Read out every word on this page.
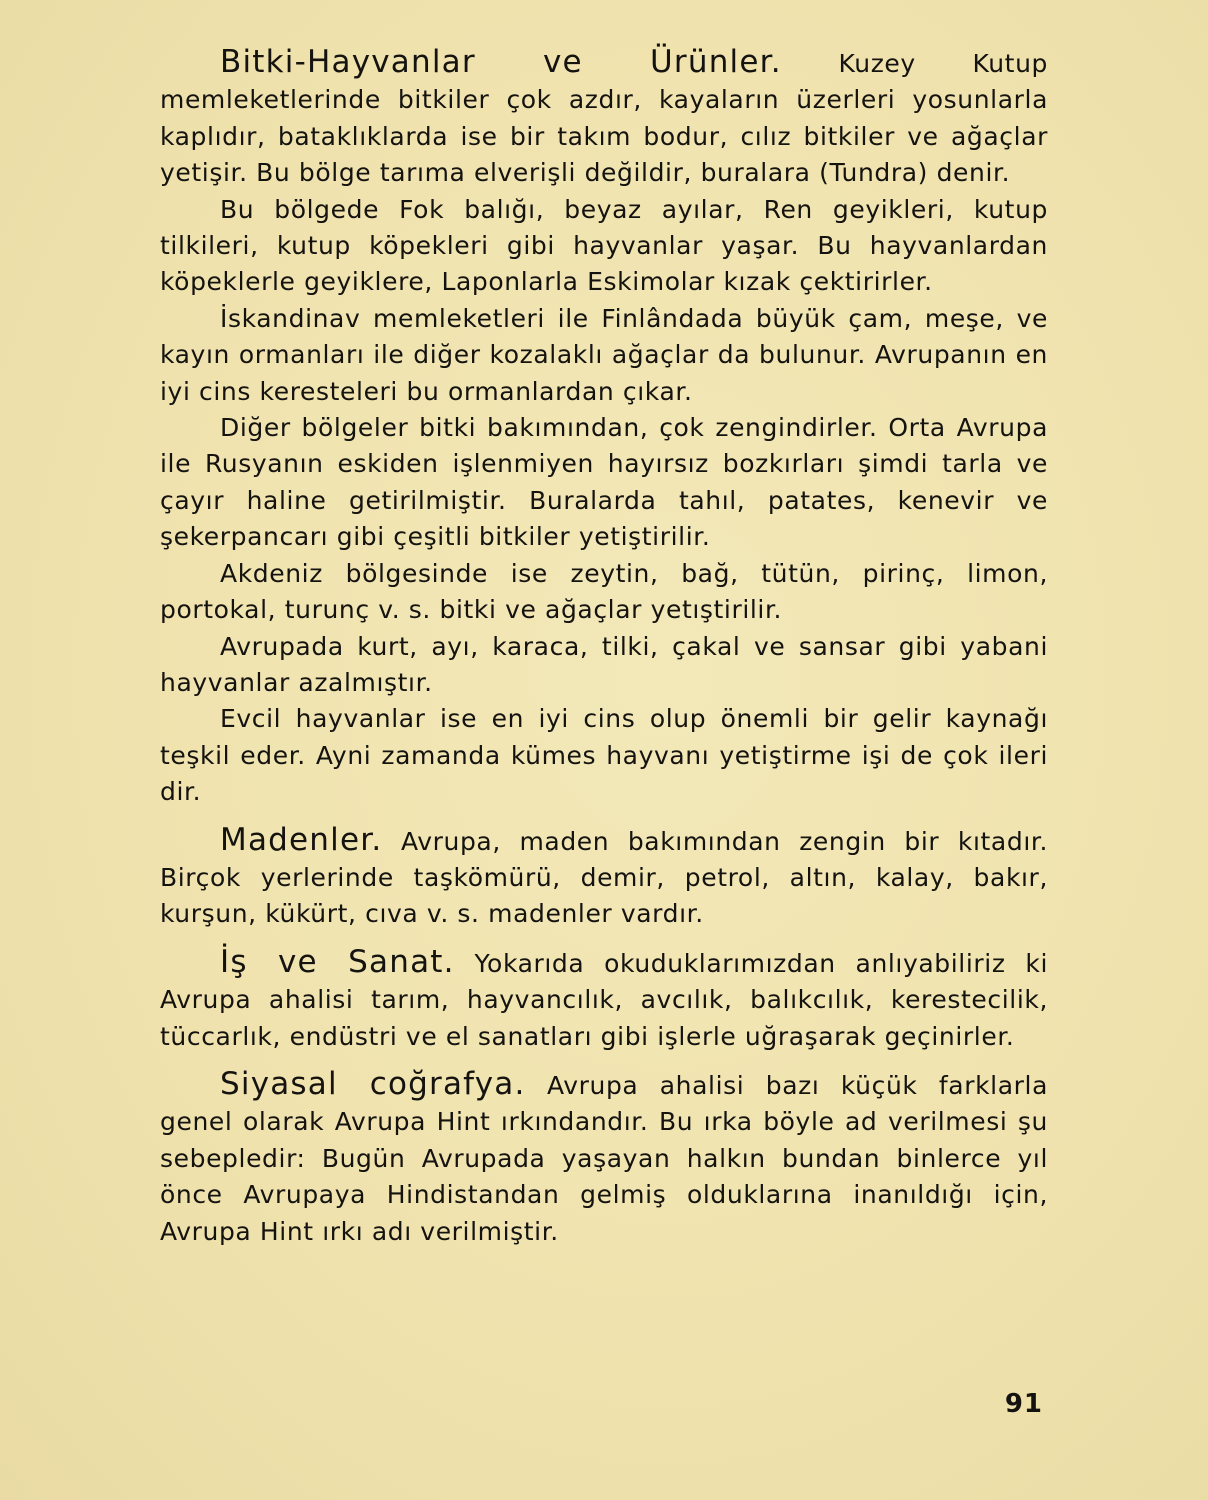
Bitki-Hayvanlar ve Ürünler. Kuzey Kutup memleketlerinde bitkiler çok azdır, kayaların üzerleri yosunlarla kaplıdır, bataklıklarda ise bir takım bodur, cılız bitkiler ve ağaçlar yetişir. Bu bölge tarıma elverişli değildir, buralara (Tundra) denir.

Bu bölgede Fok balığı, beyaz ayılar, Ren geyikleri, kutup tilkileri, kutup köpekleri gibi hayvanlar yaşar. Bu hayvanlardan köpeklerle geyiklere, Laponlarla Eskimolar kızak çektirirler.

İskandinav memleketleri ile Finlândada büyük çam, meşe, ve kayın ormanları ile diğer kozalaklı ağaçlar da bulunur. Avrupanın en iyi cins keresteleri bu ormanlardan çıkar.

Diğer bölgeler bitki bakımından, çok zengindirler. Orta Avrupa ile Rusyanın eskiden işlenmiyen hayırsız bozkırları şimdi tarla ve çayır haline getirilmiştir. Buralarda tahıl, patates, kenevir ve şekerpancarı gibi çeşitli bitkiler yetiştirilir.

Akdeniz bölgesinde ise zeytin, bağ, tütün, pirinç, limon, portokal, turunç v. s. bitki ve ağaçlar yetıştirilir.

Avrupada kurt, ayı, karaca, tilki, çakal ve sansar gibi yabani hayvanlar azalmıştır.

Evcil hayvanlar ise en iyi cins olup önemli bir gelir kaynağı teşkil eder. Ayni zamanda kümes hayvanı yetiştirme işi de çok ileri dir.

Madenler. Avrupa, maden bakımından zengin bir kıtadır. Birçok yerlerinde taşkömürü, demir, petrol, altın, kalay, bakır, kurşun, kükürt, cıva v. s. madenler vardır.

İş ve Sanat. Yokarıda okuduklarımızdan anlıyabiliriz ki Avrupa ahalisi tarım, hayvancılık, avcılık, balıkcılık, kerestecilik, tüccarlık, endüstri ve el sanatları gibi işlerle uğraşarak geçinirler.

Siyasal coğrafya. Avrupa ahalisi bazı küçük farklarla genel olarak Avrupa Hint ırkındandır. Bu ırka böyle ad verilmesi şu sebepledir: Bugün Avrupada yaşayan halkın bundan binlerce yıl önce Avrupaya Hindistandan gelmiş olduklarına inanıldığı için, Avrupa Hint ırkı adı verilmiştir.

91
